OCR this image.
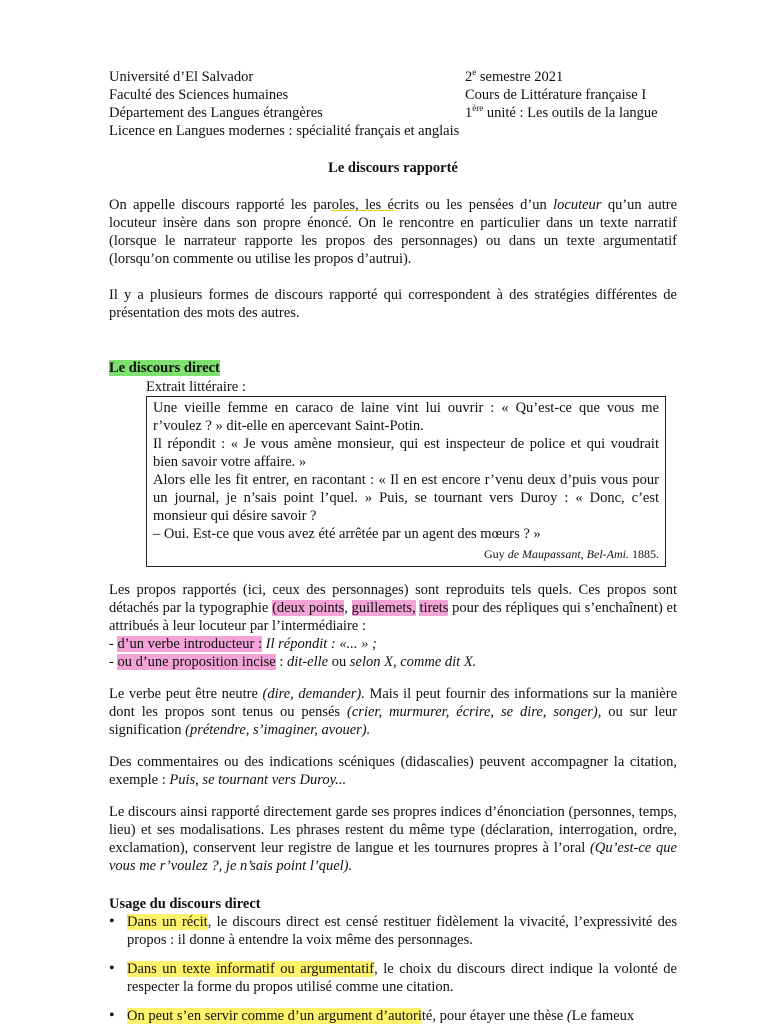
Université d’El Salvador
Faculté des Sciences humaines
Département des Langues étrangères
2e semestre 2021
Cours de Littérature française I
1ère unité : Les outils de la langue
Licence en Langues modernes : spécialité français et anglais
Le discours rapporté

On appelle discours rapporté les paroles, les écrits ou les pensées d’un locuteur qu’un autre locuteur insère dans son propre énoncé. On le rencontre en particulier dans un texte narratif (lorsque le narrateur rapporte les propos des personnages) ou dans un texte argumentatif (lorsqu’on commente ou utilise les propos d’autrui).

Il y a plusieurs formes de discours rapporté qui correspondent à des stratégies différentes de présentation des mots des autres.

Le discours direct
Extrait littéraire :

Une vieille femme en caraco de laine vint lui ouvrir : « Qu’est-ce que vous me r’voulez ? » dit-elle en apercevant Saint-Potin.

Il répondit : « Je vous amène monsieur, qui est inspecteur de police et qui voudrait bien savoir votre affaire. »

Alors elle les fit entrer, en racontant : « Il en est encore r’venu deux d’puis vous pour un journal, je n’sais point l’quel. » Puis, se tournant vers Duroy : « Donc, c’est monsieur qui désire savoir ?

– Oui. Est-ce que vous avez été arrêtée par un agent des mœurs ? »

Guy de Maupassant, Bel-Ami. 1885.

Les propos rapportés (ici, ceux des personnages) sont reproduits tels quels. Ces propos sont détachés par la typographie (deux points, guillemets, tirets pour des répliques qui s’enchaînent) et attribués à leur locuteur par l’intermédiaire :

- d’un verbe introducteur : Il répondit : «... » ;

- ou d’une proposition incise : dit-elle ou selon X, comme dit X.

Le verbe peut être neutre (dire, demander). Mais il peut fournir des informations sur la manière dont les propos sont tenus ou pensés (crier, murmurer, écrire, se dire, songer), ou sur leur signification (prétendre, s’imaginer, avouer).

Des commentaires ou des indications scéniques (didascalies) peuvent accompagner la citation, exemple : Puis, se tournant vers Duroy...

Le discours ainsi rapporté directement garde ses propres indices d’énonciation (personnes, temps, lieu) et ses modalisations. Les phrases restent du même type (déclaration, interrogation, ordre, exclamation), conservent leur registre de langue et les tournures propres à l’oral (Qu’est-ce que vous me r’voulez ?, je n’sais point l’quel).

Usage du discours direct
• Dans un récit, le discours direct est censé restituer fidèlement la vivacité, l’expressivité des propos : il donne à entendre la voix même des personnages.
• Dans un texte informatif ou argumentatif, le choix du discours direct indique la volonté de respecter la forme du propos utilisé comme une citation.
• On peut s’en servir comme d’un argument d’autorité, pour étayer une thèse (Le fameux
